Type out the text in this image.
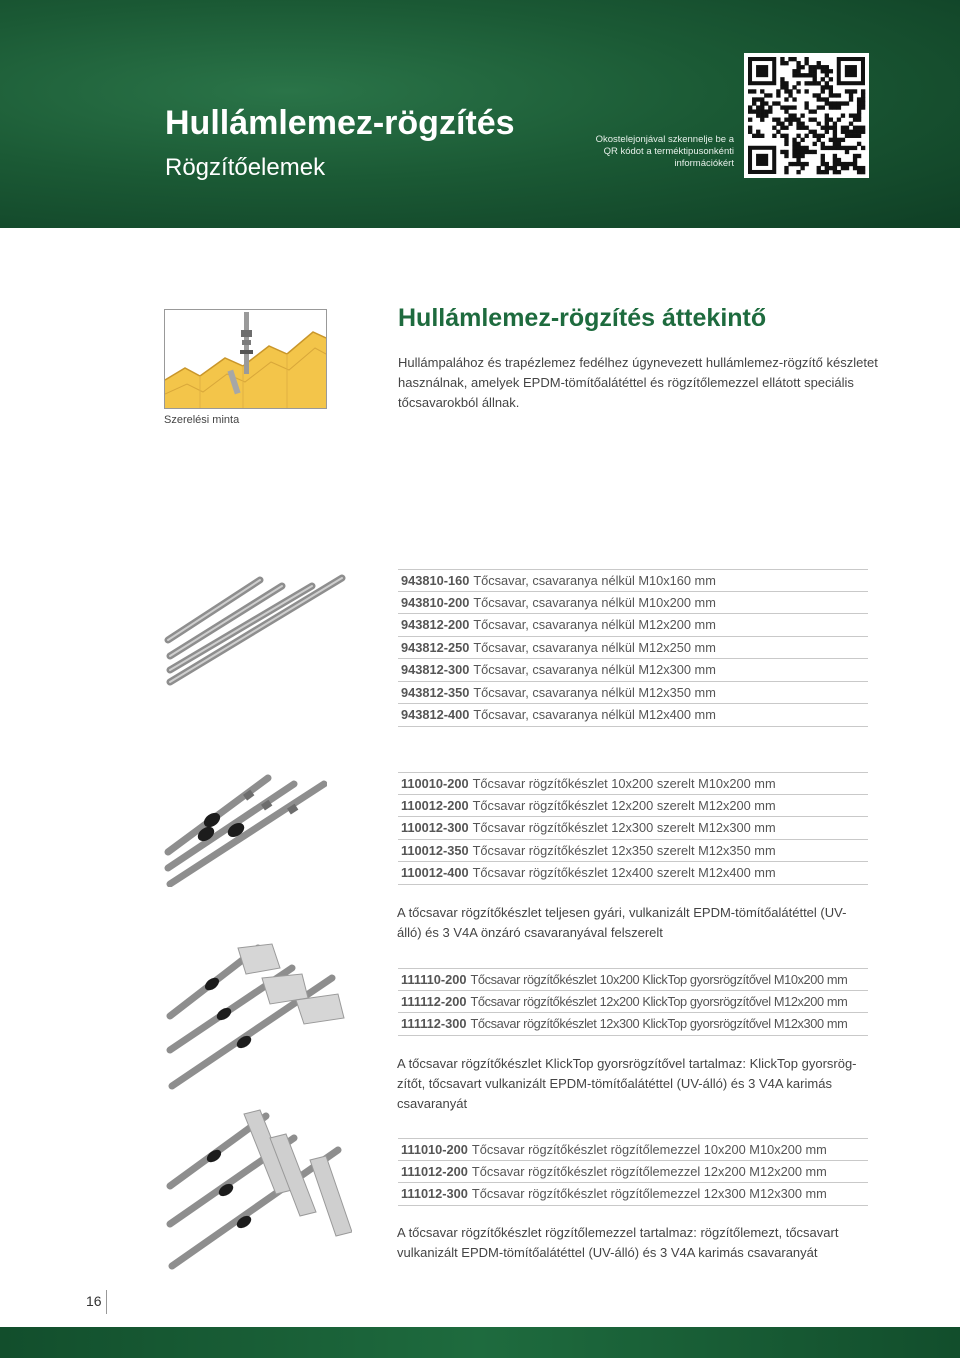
Hullámlemez-rögzítés
Rögzítőelemek
Okostelejonjával szkennelje be a QR kódot a terméktipusonkénti információkért
Szerelési minta
Hullámlemez-rögzítés áttekintő
Hullámpalához és trapézlemez fedélhez úgynevezett hullámlemez-rögzítő készletet használnak, amelyek EPDM-tömítőalátéttel és rögzítőlemezzel ellátott speciális tőcsavarokból állnak.
943810-160 Tőcsavar, csavaranya nélkül M10x160 mm
943810-200 Tőcsavar, csavaranya nélkül M10x200 mm
943812-200 Tőcsavar, csavaranya nélkül M12x200 mm
943812-250 Tőcsavar, csavaranya nélkül M12x250 mm
943812-300 Tőcsavar, csavaranya nélkül M12x300 mm
943812-350 Tőcsavar, csavaranya nélkül M12x350 mm
943812-400 Tőcsavar, csavaranya nélkül M12x400 mm
110010-200 Tőcsavar rögzítőkészlet 10x200 szerelt M10x200 mm
110012-200 Tőcsavar rögzítőkészlet 12x200 szerelt M12x200 mm
110012-300 Tőcsavar rögzítőkészlet 12x300 szerelt M12x300 mm
110012-350 Tőcsavar rögzítőkészlet 12x350 szerelt M12x350 mm
110012-400 Tőcsavar rögzítőkészlet 12x400 szerelt M12x400 mm
A tőcsavar rögzítőkészlet teljesen gyári, vulkanizált EPDM-tömítőalátéttel (UV-álló) és 3 V4A önzáró csavaranyával felszerelt
111110-200 Tőcsavar rögzítőkészlet 10x200 KlickTop gyorsrögzítővel M10x200 mm
111112-200 Tőcsavar rögzítőkészlet 12x200 KlickTop gyorsrögzítővel M12x200 mm
111112-300 Tőcsavar rögzítőkészlet 12x300 KlickTop gyorsrögzítővel M12x300 mm
A tőcsavar rögzítőkészlet KlickTop gyorsrögzítővel tartalmaz: KlickTop gyorsrög-zítőt, tőcsavart vulkanizált EPDM-tömítőalátéttel (UV-álló) és 3 V4A karimás csavaranyát
111010-200 Tőcsavar rögzítőkészlet rögzítőlemezzel 10x200 M10x200 mm
111012-200 Tőcsavar rögzítőkészlet rögzítőlemezzel 12x200 M12x200 mm
111012-300 Tőcsavar rögzítőkészlet rögzítőlemezzel 12x300 M12x300 mm
A tőcsavar rögzítőkészlet rögzítőlemezzel tartalmaz: rögzítőlemezt, tőcsavart vulkanizált EPDM-tömítőalátéttel (UV-álló) és 3 V4A karimás csavaranyát
16
